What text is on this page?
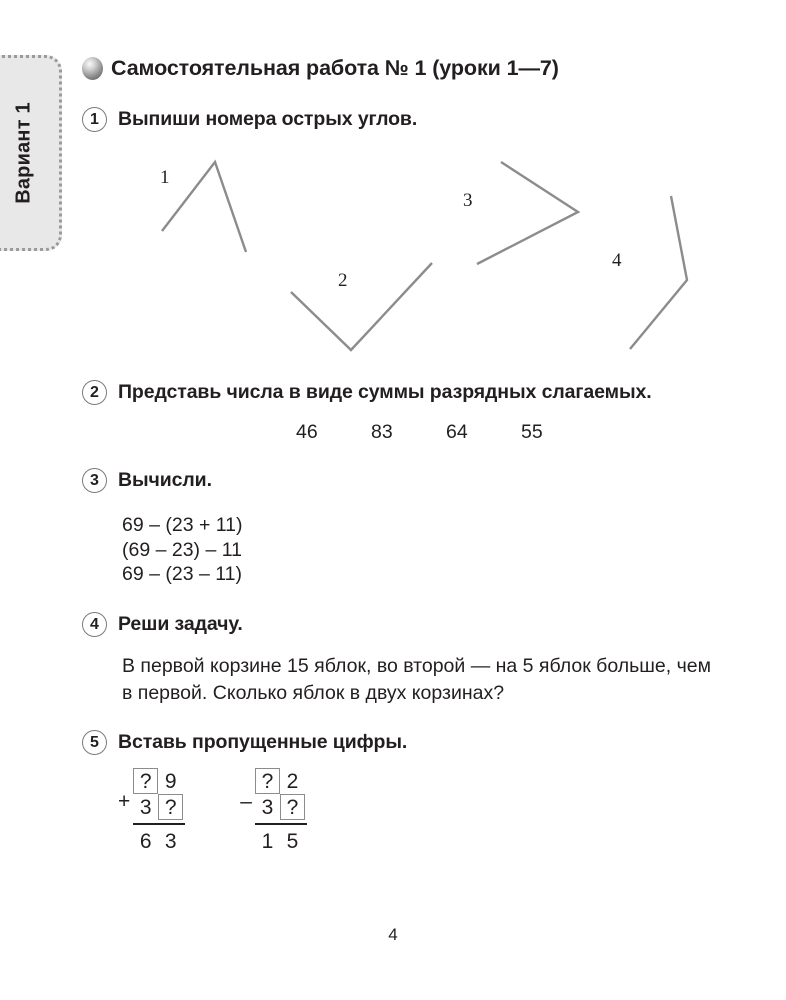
Вариант 1
Самостоятельная работа № 1 (уроки 1—7)
1 Выпиши номера острых углов.
1
2
3
4
2 Представь числа в виде суммы разрядных слагаемых.
46	83	64	55
3 Вычисли.
69 – (23 + 11)
(69 – 23) – 11
69 – (23 – 11)
4 Реши задачу.
В первой корзине 15 яблок, во второй — на 5 яблок больше, чем в первой. Сколько яблок в двух корзинах?
5 Вставь пропущенные цифры.
+
? 9
3 ?
6 3
–
? 2
3 ?
1 5
4
